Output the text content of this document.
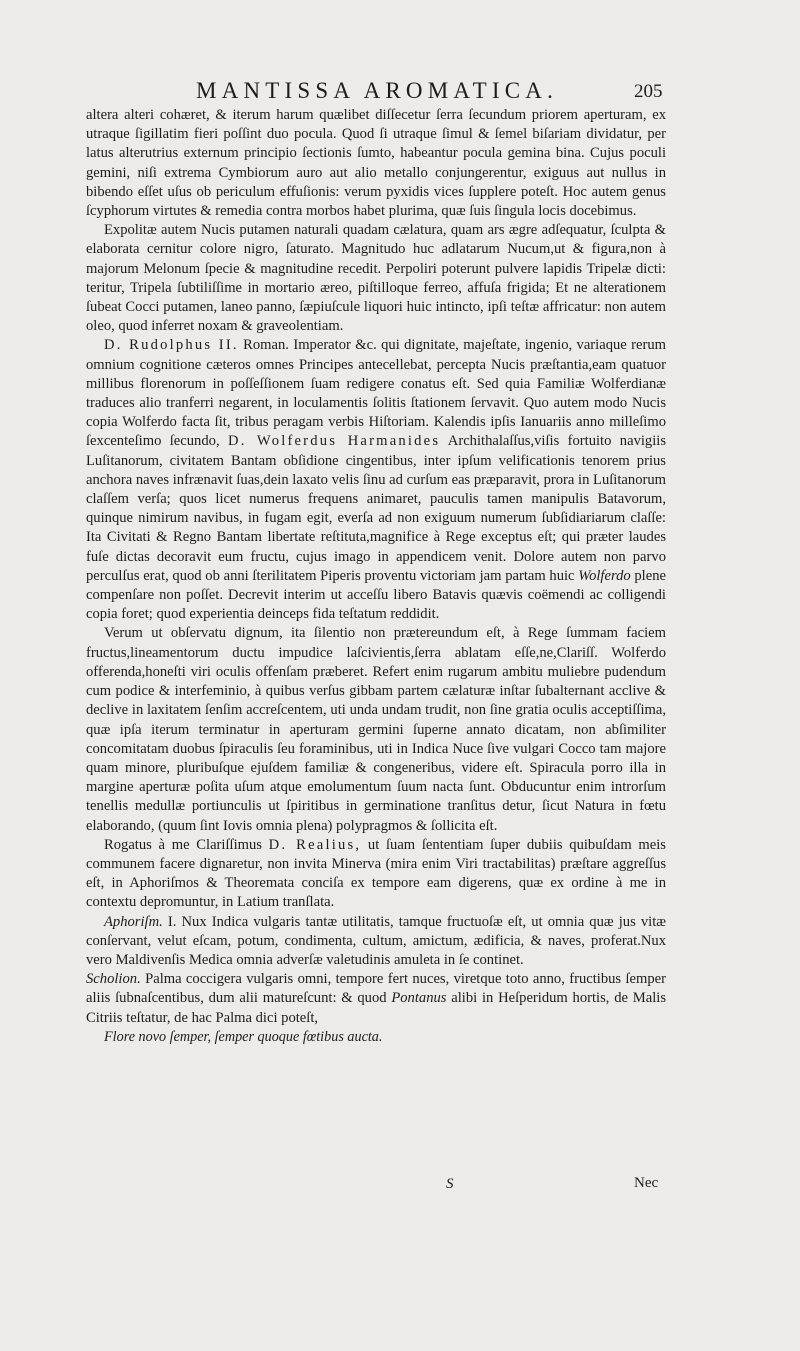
MANTISSA AROMATICA.	205

altera alteri cohæret, & iterum harum quælibet diſſecetur ſerra ſecundum priorem aperturam, ex utraque ſigillatim fieri poſſint duo pocula. Quod ſi utraque ſimul & ſemel biſariam dividatur, per latus alterutrius externum principio ſectionis ſumto, habeantur pocula gemina bina. Cujus poculi gemini, niſi extrema Cymbiorum auro aut alio metallo conjungerentur, exiguus aut nullus in bibendo eſſet uſus ob periculum effuſionis: verum pyxidis vices ſupplere poteſt. Hoc autem genus ſcyphorum virtutes & remedia contra morbos habet plurima, quæ ſuis ſingula locis docebimus.

Expolitæ autem Nucis putamen naturali quadam cælatura, quam ars ægre adſequatur, ſculpta & elaborata cernitur colore nigro, ſaturato. Magnitudo huc adlatarum Nucum,ut & figura,non à majorum Melonum ſpecie & magnitudine recedit. Perpoliri poterunt pulvere lapidis Tripelæ dicti: teritur, Tripela ſubtiliſſime in mortario æreo, piſtilloque ferreo, affuſa frigida; Et ne alterationem ſubeat Cocci putamen, laneo panno, ſæpiuſcule liquori huic intincto, ipſi teſtæ affricatur: non autem oleo, quod inferret noxam & graveolentiam.

D. Rudolphus II. Roman. Imperator &c. qui dignitate, majeſtate, ingenio, variaque rerum omnium cognitione cæteros omnes Principes antecellebat, percepta Nucis præſtantia,eam quatuor millibus florenorum in poſſeſſionem ſuam redigere conatus eſt. Sed quia Familiæ Wolferdianæ traduces alio tranferri negarent, in loculamentis ſolitis ſtationem ſervavit. Quo autem modo Nucis copia Wolferdo facta ſit, tribus peragam verbis Hiſtoriam. Kalendis ipſis Ianuariis anno milleſimo ſexcenteſimo ſecundo, D. Wolferdus Harmanides Archithalaſſus,viſis fortuito navigiis Luſitanorum, civitatem Bantam obſidione cingentibus, inter ipſum velificationis tenorem prius anchora naves infrænavit ſuas,dein laxato velis ſinu ad curſum eas præparavit, prora in Luſitanorum claſſem verſa; quos licet numerus frequens animaret, pauculis tamen manipulis Batavorum, quinque nimirum navibus, in fugam egit, everſa ad non exiguum numerum ſubſidiariarum claſſe: Ita Civitati & Regno Bantam libertate reſtituta,magnifice à Rege exceptus eſt; qui præter laudes fuſe dictas decoravit eum fructu, cujus imago in appendicem venit. Dolore autem non parvo perculſus erat, quod ob anni ſterilitatem Piperis proventu victoriam jam partam huic Wolferdo plene compenſare non poſſet. Decrevit interim ut acceſſu libero Batavis quævis coëmendi ac colligendi copia foret; quod experientia deinceps fida teſtatum reddidit.

Verum ut obſervatu dignum, ita ſilentio non prætereundum eſt, à Rege ſummam faciem fructus,lineamentorum ductu impudice laſcivientis,ſerra ablatam eſſe,ne,Clariſſ. Wolferdo offerenda,honeſti viri oculis offenſam præberet. Refert enim rugarum ambitu muliebre pudendum cum podice & interfeminio, à quibus verſus gibbam partem cælaturæ inſtar ſubalternant acclive & declive in laxitatem ſenſim accreſcentem, uti unda undam trudit, non ſine gratia oculis acceptiſſima, quæ ipſa iterum terminatur in aperturam germini ſuperne annato dicatam, non abſimiliter concomitatam duobus ſpiraculis ſeu foraminibus, uti in Indica Nuce ſive vulgari Cocco tam majore quam minore, pluribuſque ejuſdem familiæ & congeneribus, videre eſt. Spiracula porro illa in margine aperturæ poſita uſum atque emolumentum ſuum nacta ſunt. Obducuntur enim introrſum tenellis medullæ portiunculis ut ſpiritibus in germinatione tranſitus detur, ſicut Natura in fœtu elaborando, (quum ſint Iovis omnia plena) polypragmos & ſollicita eſt.

Rogatus à me Clariſſimus D. Realius, ut ſuam ſententiam ſuper dubiis quibuſdam meis communem facere dignaretur, non invita Minerva (mira enim Viri tractabilitas) præſtare aggreſſus eſt, in Aphoriſmos & Theoremata conciſa ex tempore eam digerens, quæ ex ordine à me in contextu depromuntur, in Latium tranſlata.

Aphoriſm. I. Nux Indica vulgaris tantæ utilitatis, tamque fructuoſæ eſt, ut omnia quæ jus vitæ conſervant, velut eſcam, potum, condimenta, cultum, amictum, ædificia, & naves, proferat.Nux vero Maldivenſis Medica omnia adverſæ valetudinis amuleta in ſe continet.

Scholion. Palma coccigera vulgaris omni, tempore fert nuces, viretque toto anno, fructibus ſemper aliis ſubnaſcentibus, dum alii matureſcunt: & quod Pontanus alibi in Heſperidum hortis, de Malis Citriis teſtatur, de hac Palma dici poteſt,

Flore novo ſemper, ſemper quoque fœtibus aucta.

S	Nec
